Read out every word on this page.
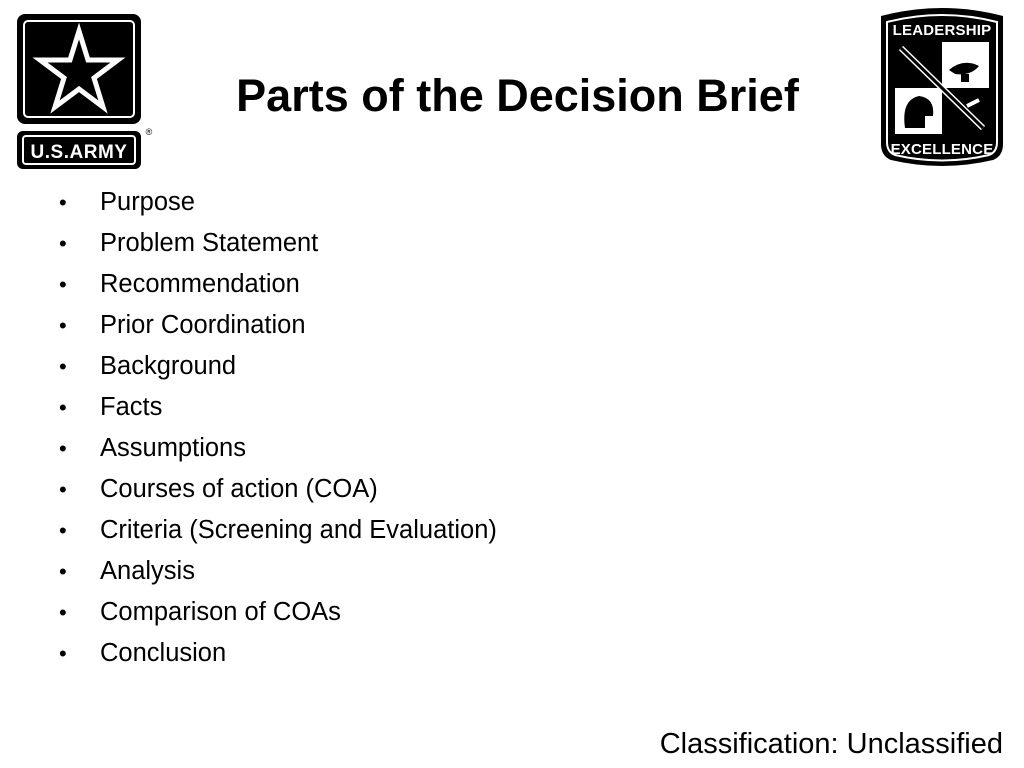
U.S.ARMY
®
Parts of the Decision Brief
LEADERSHIP
EXCELLENCE
• Purpose
• Problem Statement
• Recommendation
• Prior Coordination
• Background
• Facts
• Assumptions
• Courses of action (COA)
• Criteria (Screening and Evaluation)
• Analysis
• Comparison of COAs
• Conclusion
Classification: Unclassified
